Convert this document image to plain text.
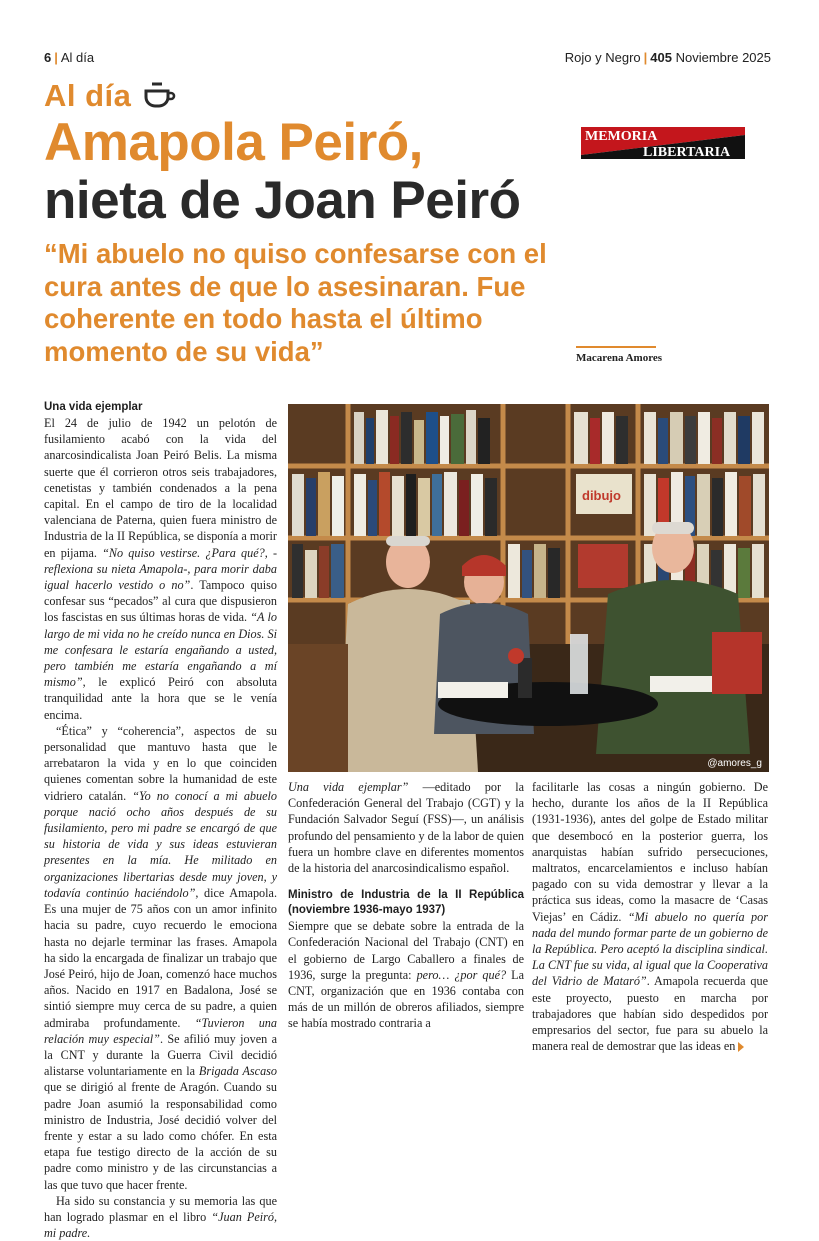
6 | Al día	Rojo y Negro | 405 Noviembre 2025
Al día
Amapola Peiró,
nieta de Joan Peiró
MEMORIA
LIBERTARIA
“Mi abuelo no quiso confesarse con el cura antes de que lo asesinaran. Fue coherente en todo hasta el último momento de su vida”	Macarena Amores
Una vida ejemplar

El 24 de julio de 1942 un pelotón de fusilamiento acabó con la vida del anarcosindicalista Joan Peiró Belis. La misma suerte que él corrieron otros seis trabajadores, cenetistas y también condenados a la pena capital. En el campo de tiro de la localidad valenciana de Paterna, quien fuera ministro de Industria de la II República, se disponía a morir en pijama. “No quiso vestirse. ¿Para qué?, -reflexiona su nieta Amapola-, para morir daba igual hacerlo vestido o no”. Tampoco quiso confesar sus “pecados” al cura que dispusieron los fascistas en sus últimas horas de vida. “A lo largo de mi vida no he creído nunca en Dios. Si me confesara le estaría engañando a usted, pero también me estaría engañando a mí mismo”, le explicó Peiró con absoluta tranquilidad ante la hora que se le venía encima.

“Ética” y “coherencia”, aspectos de su personalidad que mantuvo hasta que le arrebataron la vida y en lo que coinciden quienes comentan sobre la humanidad de este vidriero catalán. “Yo no conocí a mi abuelo porque nació ocho años después de su fusilamiento, pero mi padre se encargó de que su historia de vida y sus ideas estuvieran presentes en la mía. He militado en organizaciones libertarias desde muy joven, y todavía continúo haciéndolo”, dice Amapola. Es una mujer de 75 años con un amor infinito hacia su padre, cuyo recuerdo le emociona hasta no dejarle terminar las frases. Amapola ha sido la encargada de finalizar un trabajo que José Peiró, hijo de Joan, comenzó hace muchos años. Nacido en 1917 en Badalona, José se sintió siempre muy cerca de su padre, a quien admiraba profundamente. “Tuvieron una relación muy especial”. Se afilió muy joven a la CNT y durante la Guerra Civil decidió alistarse voluntariamente en la Brigada Ascaso que se dirigió al frente de Aragón. Cuando su padre Joan asumió la responsabilidad como ministro de Industria, José decidió volver del frente y estar a su lado como chófer. En esta etapa fue testigo directo de la acción de su padre como ministro y de las circunstancias a las que tuvo que hacer frente.

Ha sido su constancia y su memoria las que han logrado plasmar en el libro “Juan Peiró, mi padre.

dibujo
@amores_g

Una vida ejemplar” —editado por la Confederación General del Trabajo (CGT) y la Fundación Salvador Seguí (FSS)—, un análisis profundo del pensamiento y de la labor de quien fuera un hombre clave en diferentes momentos de la historia del anarcosindicalismo español.

Ministro de Industria de la II República (noviembre 1936-mayo 1937)

Siempre que se debate sobre la entrada de la Confederación Nacional del Trabajo (CNT) en el gobierno de Largo Caballero a finales de 1936, surge la pregunta: pero… ¿por qué? La CNT, organización que en 1936 contaba con más de un millón de obreros afiliados, siempre se había mostrado contraria a

facilitarle las cosas a ningún gobierno. De hecho, durante los años de la II República (1931-1936), antes del golpe de Estado militar que desembocó en la posterior guerra, los anarquistas habían sufrido persecuciones, maltratos, encarcelamientos e incluso habían pagado con su vida demostrar y llevar a la práctica sus ideas, como la masacre de ‘Casas Viejas’ en Cádiz. “Mi abuelo no quería por nada del mundo formar parte de un gobierno de la República. Pero aceptó la disciplina sindical. La CNT fue su vida, al igual que la Cooperativa del Vidrio de Mataró”. Amapola recuerda que este proyecto, puesto en marcha por trabajadores que habían sido despedidos por empresarios del sector, fue para su abuelo la manera real de demostrar que las ideas en
